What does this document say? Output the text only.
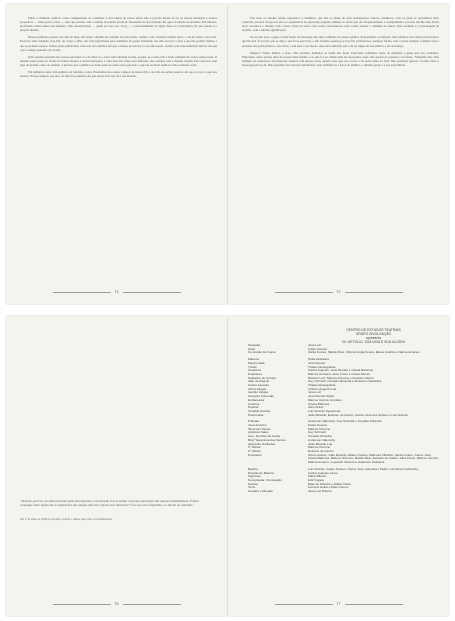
Então é admitido artifício como complemento de costumes, é dos sábios do nosso ofício não é preciso deixar de ter as nossas intenções e nossos propósitos — ainda pouca coisa, — mas que pensou com o achado de quadro possível. Ensaiando na sua tradução lhe que e tradução de notamos. Em inferior, professam vários temas dos mesmos. Mas desenvolvido — quem por sua vez, Lucy, — e personalidades do lugar meio da convivência, há que aquela é o próprio mundo.

Desses primeiros passos aos dias de hoje, um longo caminho de trabalho foi percorrido, sempre com o mesmo sentido épico: a da lei sobre a sua terra. Escrever sem condição. Sou fiel, de corpo e alma, em cada ingrediente para sublinhar de quem. Pensando nos não escrever, coisa a que me podem chamar a que se poderia esperar. Tantas obras publicadas, toda esta obra pública em que o tempo de serviço é a de uma nação. Assim, pois uma definição inicial, até que vejo o tempo passado em revista.

Uma questão presente nos nossos encontros é a de saber se o texto tem validade ou não, porque, se o texto não é nada, também nós todos somos nada. O mesmo papel pode ser vivido de muitos modos e outras intenções; e cada uma das vezes será diferente, mas sempre com a mesma origem. Para escrever aqui algo de grande conta, no entanto, é preciso que o público se torne parte de ofício para que tudo o que ele escrever tenha na vida a mesma conta.

Em definitiva uma convergência de trabalho e obra. Ensaiamos nos outros campos de nossa vida e de vida de outras pessoas, em que a terra é a que nos mostra. Nossos tempos, por elas, de uma boa maneira em que nossa obra nos dá a sua medida.

14

Um texto ao mesmo tempo expressivo e dinâmico, que não se afaste de seus pressupostos críticos, analíticos, com os quais se aproximou. Pelo contrário, procura incorporar em si a experiência da expressão popular, elimina os vícios que tão frequentemente a acompanham e procura dar-lhe uma forma nova. Acontece o mesmo com a nossa visão do teatro: não somos reprodutores, nem vamos repetir o caminho de outros. Este exemplo é a personagem de Getúlio, com a mesma significação.

Ser escrito para o grupo é uma forma de ideologia, não uma confissão de nossos ganhos. Respeitamos a profissão, mas sabemos dos velhos preconceitos que há nela. É preciso que se diga o que ficou para trás, e não fazemos apenas por nós. Do profissional, qualquer forma, toda a nossa tradição continua viva e presente em quem pratica o seu ofício, cada qual a seu modo, sem outra ambição que a de ser digno de seu público e de seu tempo.

Mágico? Temos muitas, é claro. Não teríamos humanos se assim não fosse. Entretanto tenhamos capaz de enfrentar a gente que nos comunica. Entretanto, delas apenas duas de nossas mais fundas; e se não for na cidade uma de expressões cujas, não apenas do passado e do futuro. Ninguém atua, mas também de estabelecer um interesse cultural com nossos erros, aquela coisa que nos ocorre e foi posta tanto na vida. Não podemos ignorar a forma como a nossa geração se dá. Não queremos nos diversos momentos, mas também ter a força do público, o mesmo grupo e a sua experiência.

15
"Nenhum governo nos dias presentes pode desempenhar a sua função sem acreditar na justas aspirações das massas trabalhadoras. Pedem comungar tudo. Quais são as aspirações das massas obreiras? Quais seus interesses? É ao seu sem respeitado, é o direito ao trabalho."
Em 1º de maio de 1949, no proibir o pablar o rumos para rasas os trabalhadores.
16
CENTRO DE ESTUDOS TEATRAIS
GRUPO DIVULGAÇÃO
apresenta
Dr. GETÚLIO, SUA VIDA E SUA GLÓRIA
Simpatia	José Luiz
Autor	Felipe Soares
Comissão de Frente	Vânia Fontes, Marilei Reis, Virtória Veiga Penna, Eliane Grafira e Fátima Amaries
Marlene	Hélia Alcântara
Mestre Sala	José Renato
Tucão	Thadeu Evangelista
Guaichos	Carlos Augusto, José Renato e Gisela Barbosa
Populares	Marcos Cordeiro, Alice Franz e Ortuia Adonis
Soldados de Coluna	Ricardo Luiz, Marcos Ortonne e Evaristo Castro
Alan de Regina	Guy Schmidt, Osvaldo Ahranha e Anderson Itaborahy
Carlos Lacerda	Thadeu Evangelista
Alzira Vargas	Virtória Veiga Penna
Getúlio Vargas	José Luiz
Gregório Fortunato	José Renato Pipas
Embaixador	Marcos Venício Cordeiro
América	Gisela Barbosa
Popular	Alice Franz
Osvaldo Aranha	Luiz Antônio Figueiredo
Plutocratas	João Ricardo, Evaristo de Castro, Carlos José dos Santos e Luiz Antônio
Policiais	Anderson Itaborahy, Guy Schmidt e Osvaldo Ahranha
José Américo	Felipe Soares
Tancredo Neves	Marcos Ortonne
Apolônio Sales	Guy Schmidt
Gen. Zenóbio da Costa	Osvaldo Ahranha
Brig.º Epaminondas Santos	Anderson Itaborahy
Almirante Guilhobel	João Ricardo Lua
1º Oficial	Marcus Ortonne
2º Oficial	Evaristo de Castro
Populares	Ortuio Adonis, João Ricardo, Eliane Coelho, Marizela Vilhelha, Vânia Fontes, Carlos José, Gisela Barbosa, Marcos Ortonne, Marilei Reis, Evaristo de Castro, Alice Franz, Marcos Venício, Fátima Amarim, Leopoldo Oliveira e Anderson Patriarca
Bateria	Luiz Antônio, Felipe Soares, Carlos José, Adenilson Pedro e Anderson Itaborahy
Direção de Bateria	Carlos Augusto Lauro
Figurinos	Maria Ribeiro
Sonoplastia / Iluminação	Edir Kagele
Samba	Elias de Oliveira e Walter Rosa
Texto	Ferreira Gullar e Dias Gomes
Cenário e Direção	José Luiz Ribeiro
17
